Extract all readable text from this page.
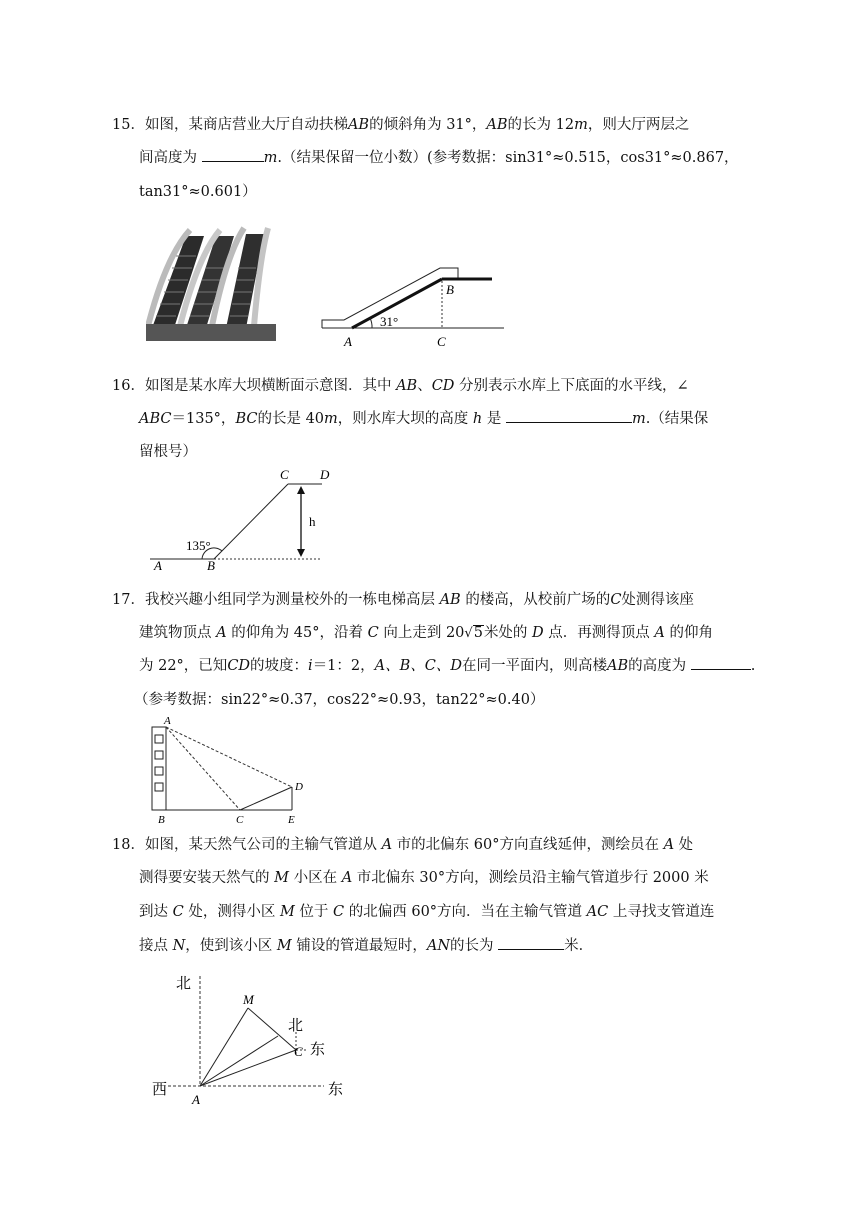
15．如图，某商店营业大厅自动扶梯AB的倾斜角为 31°，AB的长为 12m，则大厅两层之
间高度为	m.（结果保留一位小数）(参考数据：sin31°≈0.515，cos31°≈0.867，
tan31°≈0.601）
31°
A	C
B
16．如图是某水库大坝横断面示意图．其中 AB、CD 分别表示水库上下底面的水平线，∠
ABC＝135°，BC的长是 40m，则水库大坝的高度 h 是	m.（结果保
留根号）
135°
h
A	B
C D
17．我校兴趣小组同学为测量校外的一栋电梯高层 AB 的楼高，从校前广场的C处测得该座
建筑物顶点 A 的仰角为 45°，沿着 C 向上走到 20√5米处的 D 点．再测得顶点 A 的仰角
为 22°，已知CD的坡度：i＝1：2，A、B、C、D在同一平面内，则高楼AB的高度为	.
（参考数据：sin22°≈0.37，cos22°≈0.93，tan22°≈0.40）
A
B	C
D
E
18．如图，某天然气公司的主输气管道从 A 市的北偏东 60°方向直线延伸，测绘员在 A 处
测得要安装天然气的 M 小区在 A 市北偏东 30°方向，测绘员沿主输气管道步行 2000 米
到达 C 处，测得小区 M 位于 C 的北偏西 60°方向．当在主输气管道 AC 上寻找支管道连
接点 N，使到该小区 M 铺设的管道最短时，AN的长为	米．
北
西	东
北
东
A
M
C
